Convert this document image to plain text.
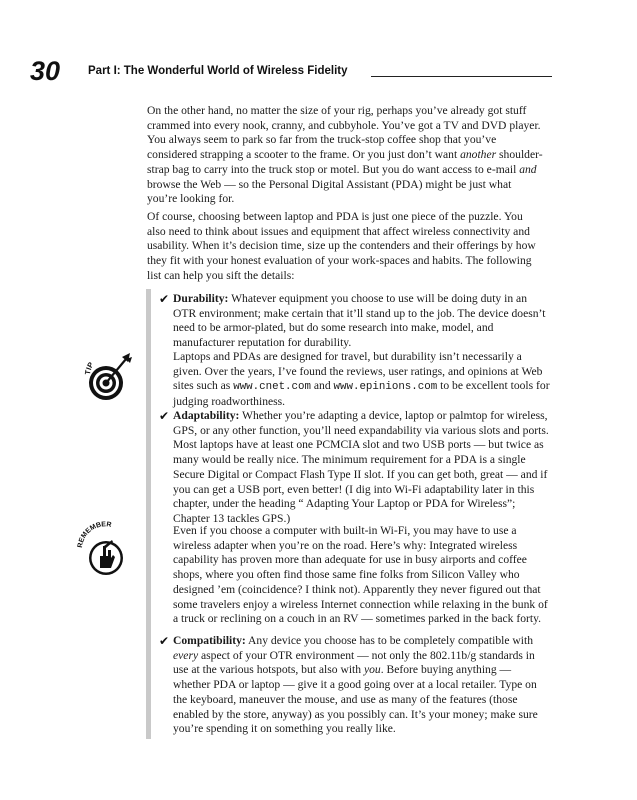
30 Part I: The Wonderful World of Wireless Fidelity

On the other hand, no matter the size of your rig, perhaps you’ve already got stuff crammed into every nook, cranny, and cubbyhole. You’ve got a TV and DVD player. You always seem to park so far from the truck-stop coffee shop that you’ve considered strapping a scooter to the frame. Or you just don’t want another shoulder-strap bag to carry into the truck stop or motel. But you do want access to e-mail and browse the Web — so the Personal Digital Assistant (PDA) might be just what you’re looking for.

Of course, choosing between laptop and PDA is just one piece of the puzzle. You also need to think about issues and equipment that affect wireless connectivity and usability. When it’s decision time, size up the contenders and their offerings by how they fit with your honest evaluation of your work-spaces and habits. The following list can help you sift the details:

✔ Durability: Whatever equipment you choose to use will be doing duty in an OTR environment; make certain that it’ll stand up to the job. The device doesn’t need to be armor-plated, but do some research into make, model, and manufacturer reputation for durability.

Laptops and PDAs are designed for travel, but durability isn’t necessarily a given. Over the years, I’ve found the reviews, user ratings, and opinions at Web sites such as www.cnet.com and www.epinions.com to be excellent tools for judging roadworthiness.

✔ Adaptability: Whether you’re adapting a device, laptop or palmtop for wireless, GPS, or any other function, you’ll need expandability via various slots and ports. Most laptops have at least one PCMCIA slot and two USB ports — but twice as many would be really nice. The minimum requirement for a PDA is a single Secure Digital or Compact Flash Type II slot. If you can get both, great — and if you can get a USB port, even better! (I dig into Wi-Fi adaptability later in this chapter, under the heading “ Adapting Your Laptop or PDA for Wireless”; Chapter 13 tackles GPS.)

Even if you choose a computer with built-in Wi-Fi, you may have to use a wireless adapter when you’re on the road. Here’s why: Integrated wireless capability has proven more than adequate for use in busy airports and coffee shops, where you often find those same fine folks from Silicon Valley who designed ’em (coincidence? I think not). Apparently they never figured out that some travelers enjoy a wireless Internet connection while relaxing in the bunk of a truck or reclining on a couch in an RV — sometimes parked in the back forty.

✔ Compatibility: Any device you choose has to be completely compatible with every aspect of your OTR environment — not only the 802.11b/g standards in use at the various hotspots, but also with you. Before buying anything — whether PDA or laptop — give it a good going over at a local retailer. Type on the keyboard, maneuver the mouse, and use as many of the features (those enabled by the store, anyway) as you possibly can. It’s your money; make sure you’re spending it on something you really like.
TIP
REMEMBER
